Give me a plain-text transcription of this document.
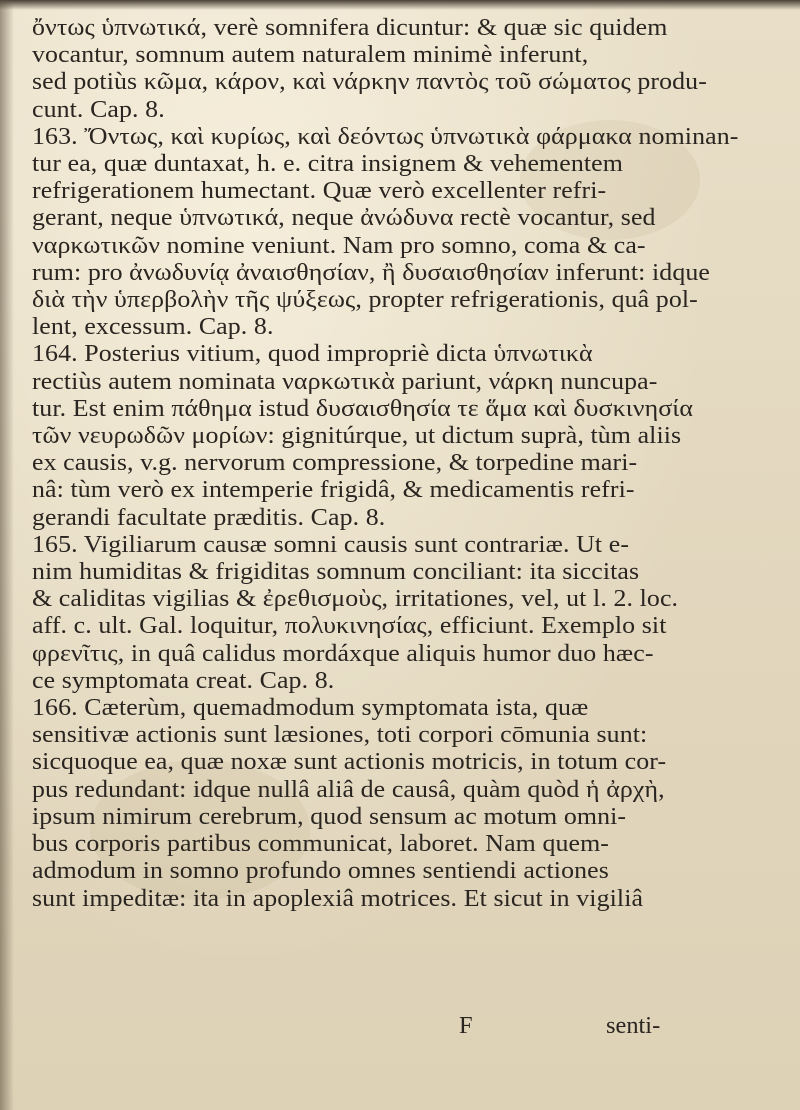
ὄντως ὑπνωτικά, verè somnifera dicuntur: & quæ sic quidem
vocantur, somnum autem naturalem minimè inferunt,
sed potiùs κῶμα, κάρον, καὶ νάρκην παντὸς τοῦ σώματος produ-
cunt. Cap. 8.
163. Ὄντως, καὶ κυρίως, καὶ δεόντως ὑπνωτικὰ φάρμακα nominan-
tur ea, quæ duntaxat, h. e. citra insignem & vehementem
refrigerationem humectant. Quæ verò excellenter refri-
gerant, neque ὑπνωτικά, neque ἀνώδυνα rectè vocantur, sed
ναρκωτικῶν nomine veniunt. Nam pro somno, coma & ca-
rum: pro ἀνωδυνίᾳ ἀναισθησίαν, ἢ δυσαισθησίαν inferunt: idque
διὰ τὴν ὑπερβολὴν τῆς ψύξεως, propter refrigerationis, quâ pol-
lent, excessum. Cap. 8.
164. Posterius vitium, quod impropriè dicta ὑπνωτικὰ
rectiùs autem nominata ναρκωτικὰ pariunt, νάρκη nuncupa-
tur. Est enim πάθημα istud δυσαισθησία τε ἅμα καὶ δυσκινησία
τῶν νευρωδῶν μορίων: gignitúrque, ut dictum suprà, tùm aliis
ex causis, v.g. nervorum compressione, & torpedine mari-
nâ: tùm verò ex intemperie frigidâ, & medicamentis refri-
gerandi facultate præditis. Cap. 8.
165. Vigiliarum causæ somni causis sunt contrariæ. Ut e-
nim humiditas & frigiditas somnum conciliant: ita siccitas
& caliditas vigilias & ἐρεθισμοὺς, irritationes, vel, ut l. 2. loc.
aff. c. ult. Gal. loquitur, πολυκινησίας, efficiunt. Exemplo sit
φρενῖτις, in quâ calidus mordáxque aliquis humor duo hæc-
ce symptomata creat. Cap. 8.
166. Cæterùm, quemadmodum symptomata ista, quæ
sensitivæ actionis sunt læsiones, toti corpori cōmunia sunt:
sicquoque ea, quæ noxæ sunt actionis motricis, in totum cor-
pus redundant: idque nullâ aliâ de causâ, quàm quòd ἡ ἀρχὴ,
ipsum nimirum cerebrum, quod sensum ac motum omni-
bus corporis partibus communicat, laboret. Nam quem-
admodum in somno profundo omnes sentiendi actiones
sunt impeditæ: ita in apoplexiâ motrices. Et sicut in vigiliâ

F	senti-
